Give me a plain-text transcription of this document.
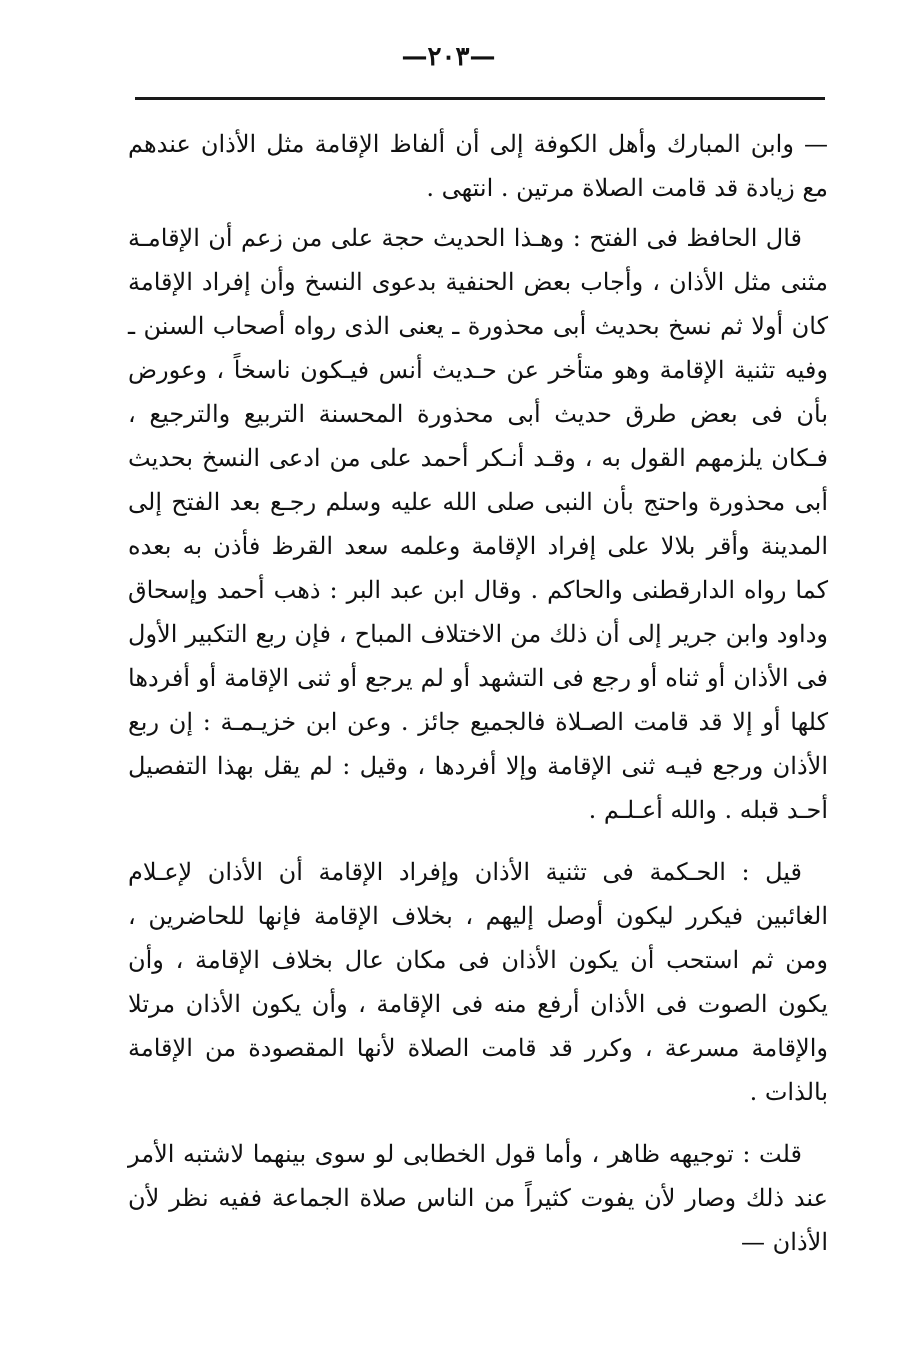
—٢٠٣—

— وابن المبارك وأهل الكوفة إلى أن ألفاظ الإقامة مثل الأذان عندهم مع زيادة قد قامت الصلاة مرتين . انتهى .

قال الحافظ فى الفتح : وهـذا الحديث حجة على من زعم أن الإقامـة مثنى مثل الأذان ، وأجاب بعض الحنفية بدعوى النسخ وأن إفراد الإقامة كان أولا ثم نسخ بحديث أبى محذورة ـ يعنى الذى رواه أصحاب السنن ـ وفيه تثنية الإقامة وهو متأخر عن حـديث أنس فيـكون ناسخاً ، وعورض بأن فى بعض طرق حديث أبى محذورة المحسنة التربيع والترجيع ، فـكان يلزمهم القول به ، وقـد أنـكر أحمد على من ادعى النسخ بحديث أبى محذورة واحتج بأن النبى صلى الله عليه وسلم رجـع بعد الفتح إلى المدينة وأقر بلالا على إفراد الإقامة وعلمه سعد القرظ فأذن به بعده كما رواه الدارقطنى والحاكم . وقال ابن عبد البر : ذهب أحمد وإسحاق وداود وابن جرير إلى أن ذلك من الاختلاف المباح ، فإن ربع التكبير الأول فى الأذان أو ثناه أو رجع فى التشهد أو لم يرجع أو ثنى الإقامة أو أفردها كلها أو إلا قد قامت الصـلاة فالجميع جائز . وعن ابن خزيـمـة : إن ربع الأذان ورجع فيـه ثنى الإقامة وإلا أفردها ، وقيل : لم يقل بهذا التفصيل أحـد قبله . والله أعـلـم .

قيل : الحـكمة فى تثنية الأذان وإفراد الإقامة أن الأذان لإعـلام الغائبين فيكرر ليكون أوصل إليهم ، بخلاف الإقامة فإنها للحاضرين ، ومن ثم استحب أن يكون الأذان فى مكان عال بخلاف الإقامة ، وأن يكون الصوت فى الأذان أرفع منه فى الإقامة ، وأن يكون الأذان مرتلا والإقامة مسرعة ، وكرر قد قامت الصلاة لأنها المقصودة من الإقامة بالذات .

قلت : توجيهه ظاهر ، وأما قول الخطابى لو سوى بينهما لاشتبه الأمر عند ذلك وصار لأن يفوت كثيراً من الناس صلاة الجماعة ففيه نظر لأن الأذان —
